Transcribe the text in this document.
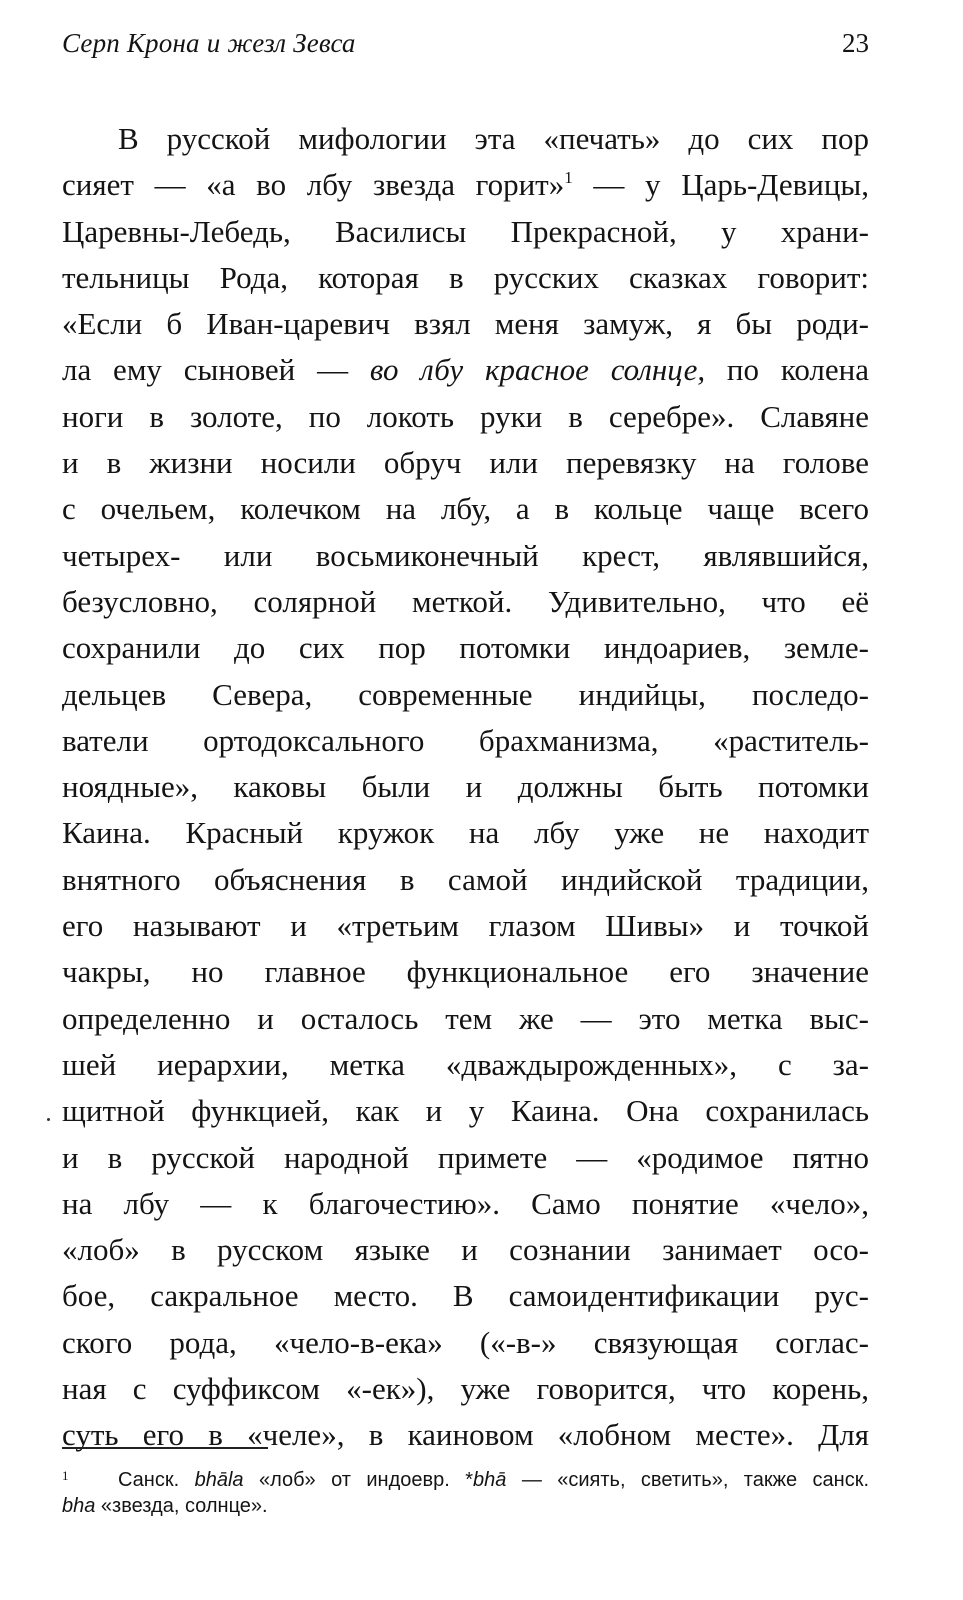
Серп Крона и жезл Зевса	23
В русской мифологии эта «печать» до сих пор
сияет — «а во лбу звезда горит»$^1$ — у Царь-Девицы,
Царевны-Лебедь, Василисы Прекрасной, у храни-
тельницы Рода, которая в русских сказках говорит:
«Если б Иван-царевич взял меня замуж, я бы роди-
ла ему сыновей — во лбу красное солнце, по колена
ноги в золоте, по локоть руки в серебре». Славяне
и в жизни носили обруч или перевязку на голове
с очельем, колечком на лбу, а в кольце чаще всего
четырех- или восьмиконечный крест, являвшийся,
безусловно, солярной меткой. Удивительно, что её
сохранили до сих пор потомки индоариев, земле-
дельцев Севера, современные индийцы, последо-
ватели ортодоксального брахманизма, «раститель-
ноядные», каковы были и должны быть потомки
Каина. Красный кружок на лбу уже не находит
внятного объяснения в самой индийской традиции,
его называют и «третьим глазом Шивы» и точкой
чакры, но главное функциональное его значение
определенно и осталось тем же — это метка выс-
шей иерархии, метка «дваждырожденных», с за-
щитной функцией, как и у Каина. Она сохранилась
и в русской народной примете — «родимое пятно
на лбу — к благочестию». Само понятие «чело»,
«лоб» в русском языке и сознании занимает осо-
бое, сакральное место. В самоидентификации рус-
ского рода, «чело-в-ека» («-в-» связующая соглас-
ная с суффиксом «-ек»), уже говорится, что корень,
суть его в «челе», в каиновом «лобном месте». Для
1 Санск. bhāla «лоб» от индоевр. *bhā — «сиять, светить», также санск.
bha «звезда, солнце».
